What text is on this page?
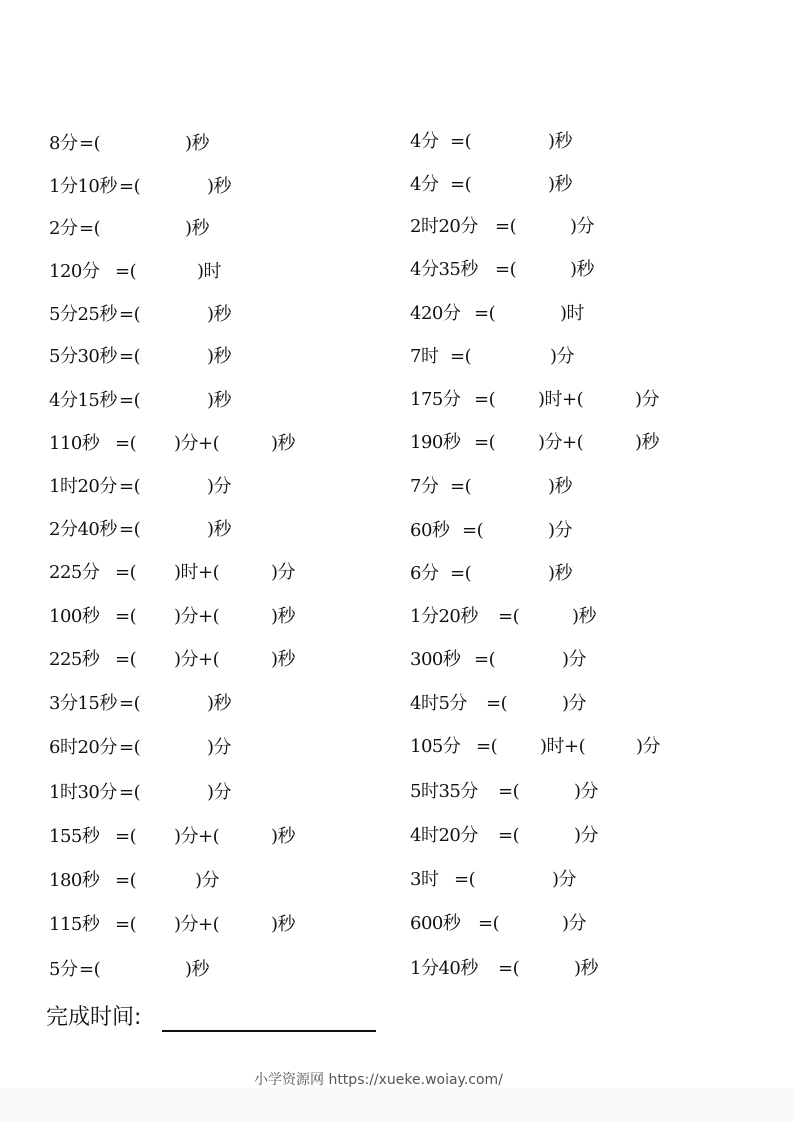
8分 =(	)秒
1分10秒 =(	)秒
2分 =(	)秒
120分 =(	)时
5分25秒 =(	)秒
5分30秒 =(	)秒
4分15秒 =(	)秒
110秒 =( )分+(	)秒
1时20分 =(	)分
2分40秒 =(	)秒
225分 =( )时+(	)分
100秒 =( )分+(	)秒
225秒 =( )分+(	)秒
3分15秒 =(	)秒
6时20分 =(	)分
1时30分 =(	)分
155秒 =( )分+(	)秒
180秒 =(	)分
115秒 =( )分+(	)秒
5分 =(	)秒
4分 =(	)秒
4分 =(	)秒
2时20分 =(	)分
4分35秒 =(	)秒
420分 =(	)时
7时 =(	)分
175分 =( )时+(	)分
190秒 =( )分+(	)秒
7分 =(	)秒
60秒 =(	)分
6分 =(	)秒
1分20秒 =(	)秒
300秒 =(	)分
4时5分 =(	)分
105分 =( )时+(	)分
5时35分 =(	)分
4时20分 =(	)分
3时 =(	)分
600秒 =(	)分
1分40秒 =(	)秒
完成时间:
小学资源网 https://xueke.woiay.com/
